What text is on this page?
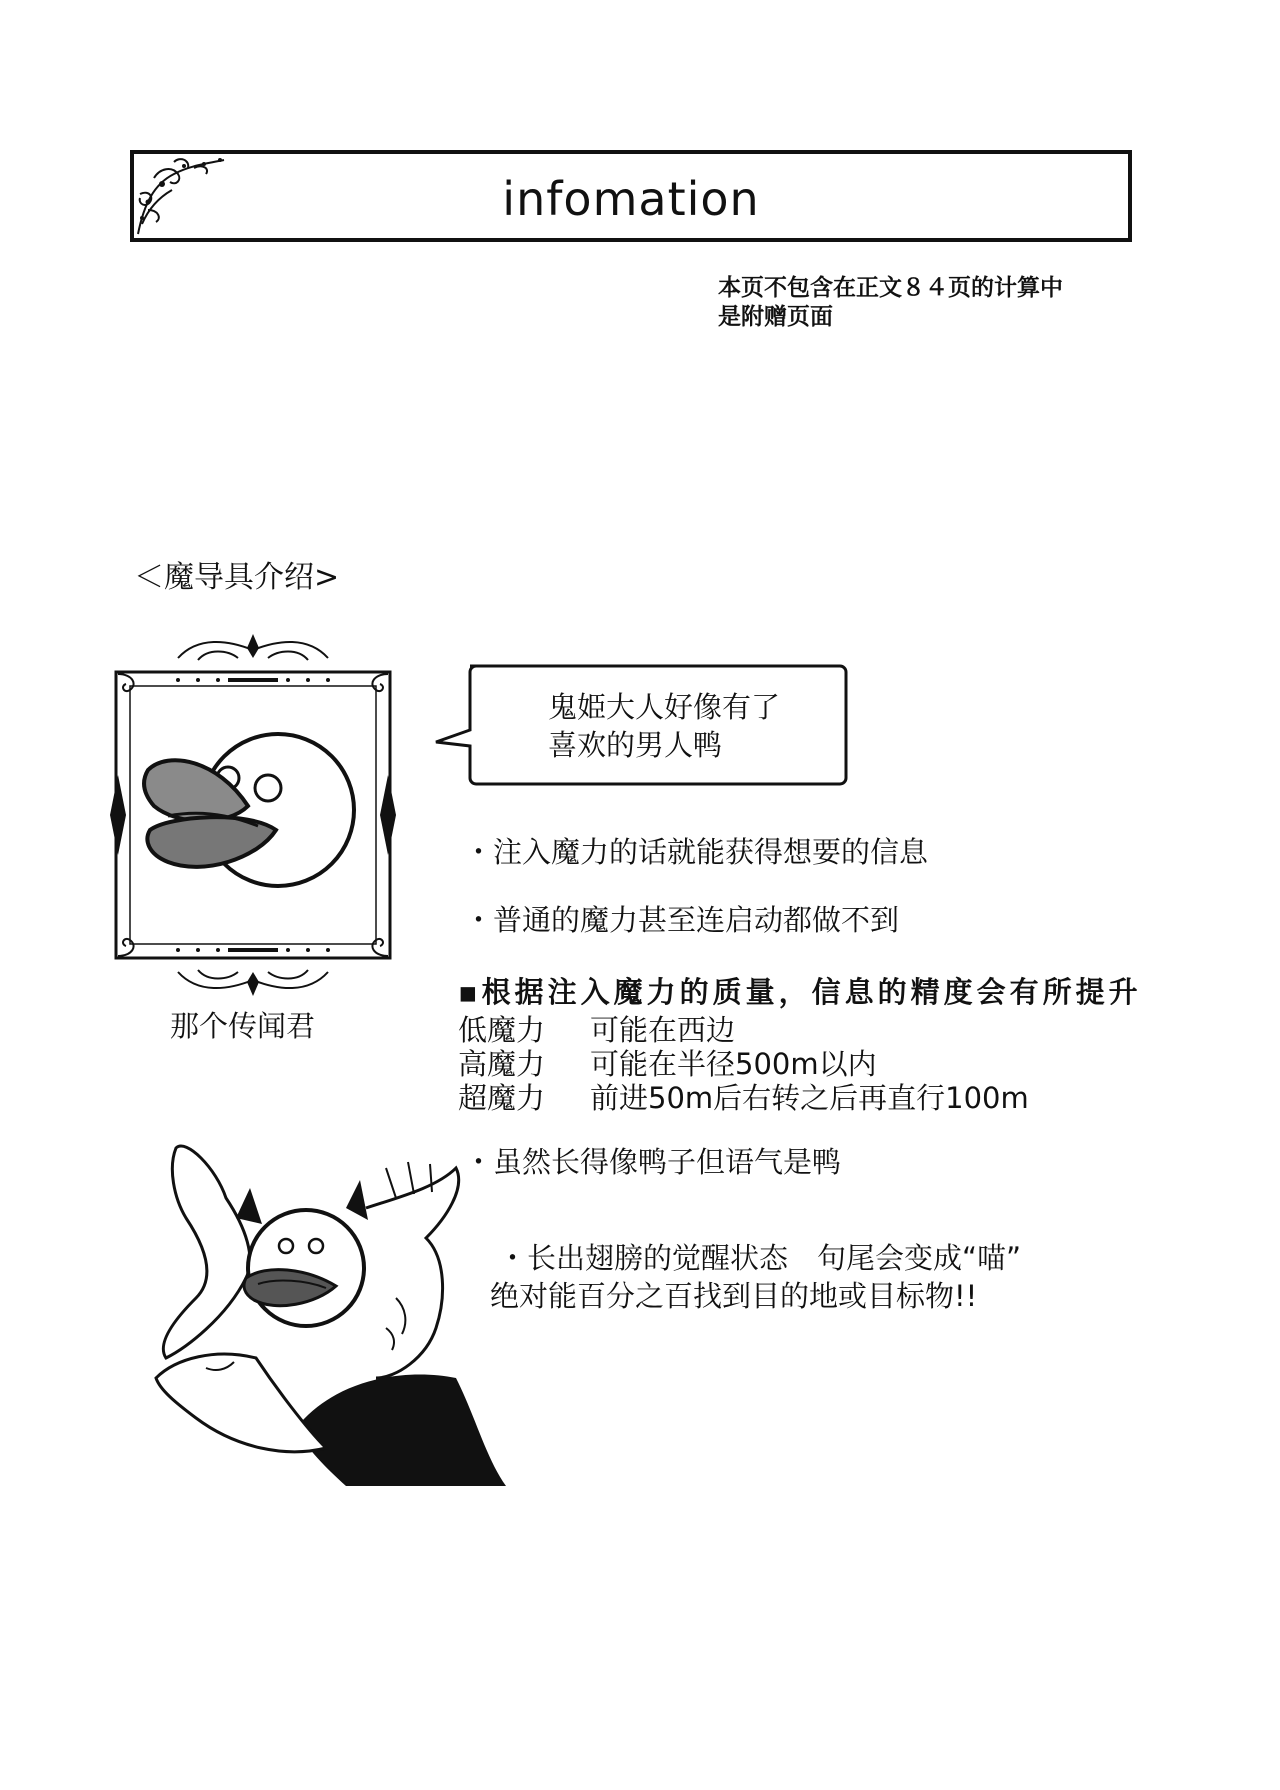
infomation
本页不包含在正文８４页的计算中
是附赠页面
＜魔导具介绍>
那个传闻君
鬼姫大人好像有了
喜欢的男人鸭
・注入魔力的话就能获得想要的信息
・普通的魔力甚至连启动都做不到
▪根据注入魔力的质量，信息的精度会有所提升
低魔力 可能在西边
高魔力 可能在半径500m以内
超魔力 前进50m后右转之后再直行100m
・虽然长得像鸭子但语气是鸭
・长出翅膀的觉醒状态　句尾会变成“喵”
绝对能百分之百找到目的地或目标物!!
